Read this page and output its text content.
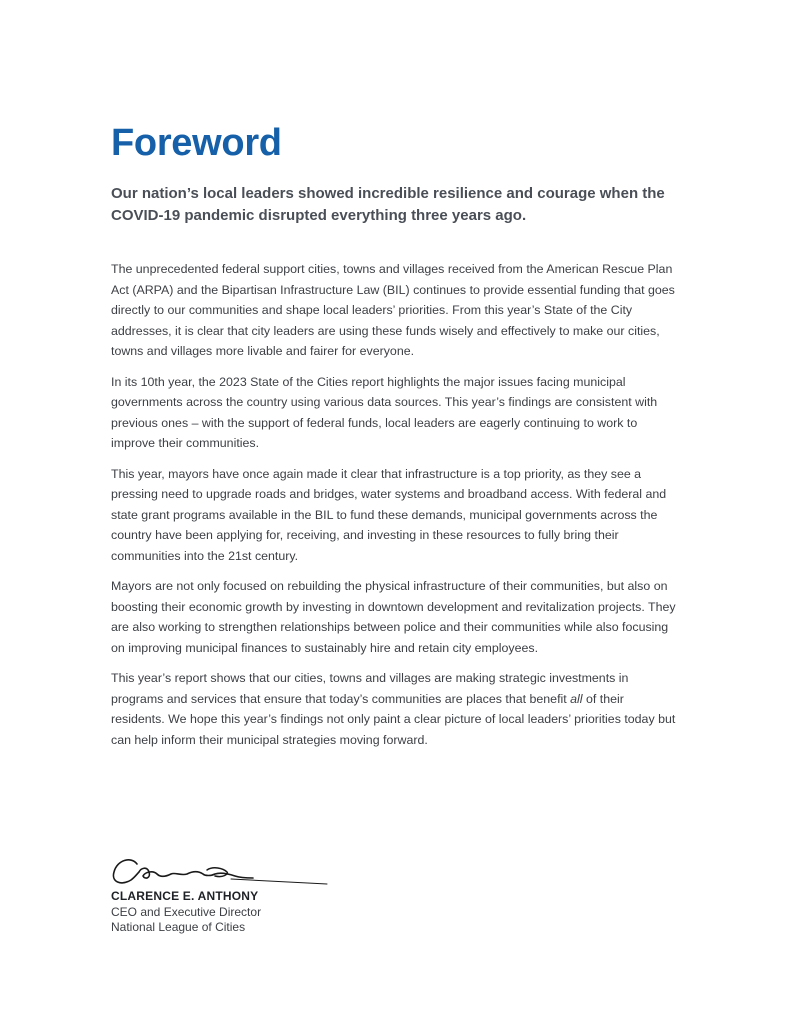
Foreword

Our nation’s local leaders showed incredible resilience and courage when the COVID-19 pandemic disrupted everything three years ago.

The unprecedented federal support cities, towns and villages received from the American Rescue Plan Act (ARPA) and the Bipartisan Infrastructure Law (BIL) continues to provide essential funding that goes directly to our communities and shape local leaders’ priorities. From this year’s State of the City addresses, it is clear that city leaders are using these funds wisely and effectively to make our cities, towns and villages more livable and fairer for everyone.

In its 10th year, the 2023 State of the Cities report highlights the major issues facing municipal governments across the country using various data sources. This year’s findings are consistent with previous ones – with the support of federal funds, local leaders are eagerly continuing to work to improve their communities.

This year, mayors have once again made it clear that infrastructure is a top priority, as they see a pressing need to upgrade roads and bridges, water systems and broadband access. With federal and state grant programs available in the BIL to fund these demands, municipal governments across the country have been applying for, receiving, and investing in these resources to fully bring their communities into the 21st century.

Mayors are not only focused on rebuilding the physical infrastructure of their communities, but also on boosting their economic growth by investing in downtown development and revitalization projects. They are also working to strengthen relationships between police and their communities while also focusing on improving municipal finances to sustainably hire and retain city employees.

This year’s report shows that our cities, towns and villages are making strategic investments in programs and services that ensure that today’s communities are places that benefit all of their residents. We hope this year’s findings not only paint a clear picture of local leaders’ priorities today but can help inform their municipal strategies moving forward.

CLARENCE E. ANTHONY

CEO and Executive Director

National League of Cities
